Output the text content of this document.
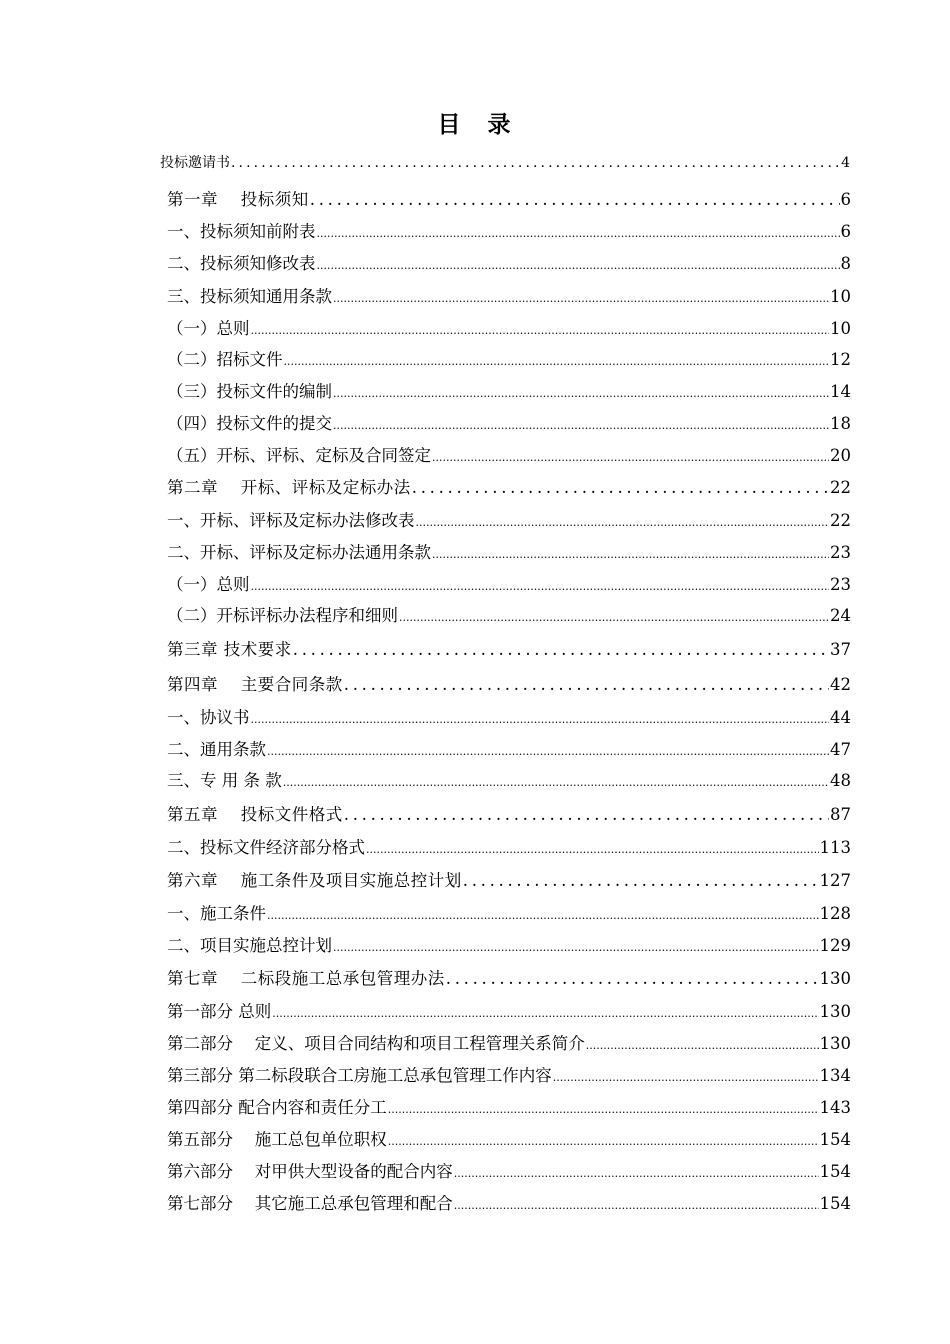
目　录
投标邀请书 .....	4
第一章　 投标须知 .....	6
一、投标须知前附表 .....	6
二、投标须知修改表 .....	8
三、投标须知通用条款 .....	10
（一）总则 .....	10
（二）招标文件 .....	12
（三）投标文件的编制 .....	14
（四）投标文件的提交 .....	18
（五）开标、评标、定标及合同签定 .....	20
第二章　 开标、评标及定标办法 .....	22
一、开标、评标及定标办法修改表 .....	22
二、开标、评标及定标办法通用条款 .....	23
（一）总则 .....	23
（二）开标评标办法程序和细则 .....	24
第三章 技术要求 .....	37
第四章　 主要合同条款 .....	42
一、协议书 .....	44
二、通用条款 .....	47
三、专 用 条 款 .....	48
第五章　 投标文件格式 .....	87
二、投标文件经济部分格式 .....	113
第六章　 施工条件及项目实施总控计划 .....	127
一、施工条件 .....	128
二、项目实施总控计划 .....	129
第七章　 二标段施工总承包管理办法 .....	130
第一部分 总则 .....	130
第二部分　 定义、项目合同结构和项目工程管理关系简介 .....	130
第三部分 第二标段联合工房施工总承包管理工作内容 .....	134
第四部分 配合内容和责任分工 .....	143
第五部分　 施工总包单位职权 .....	154
第六部分　 对甲供大型设备的配合内容 .....	154
第七部分　 其它施工总承包管理和配合 .....	154
